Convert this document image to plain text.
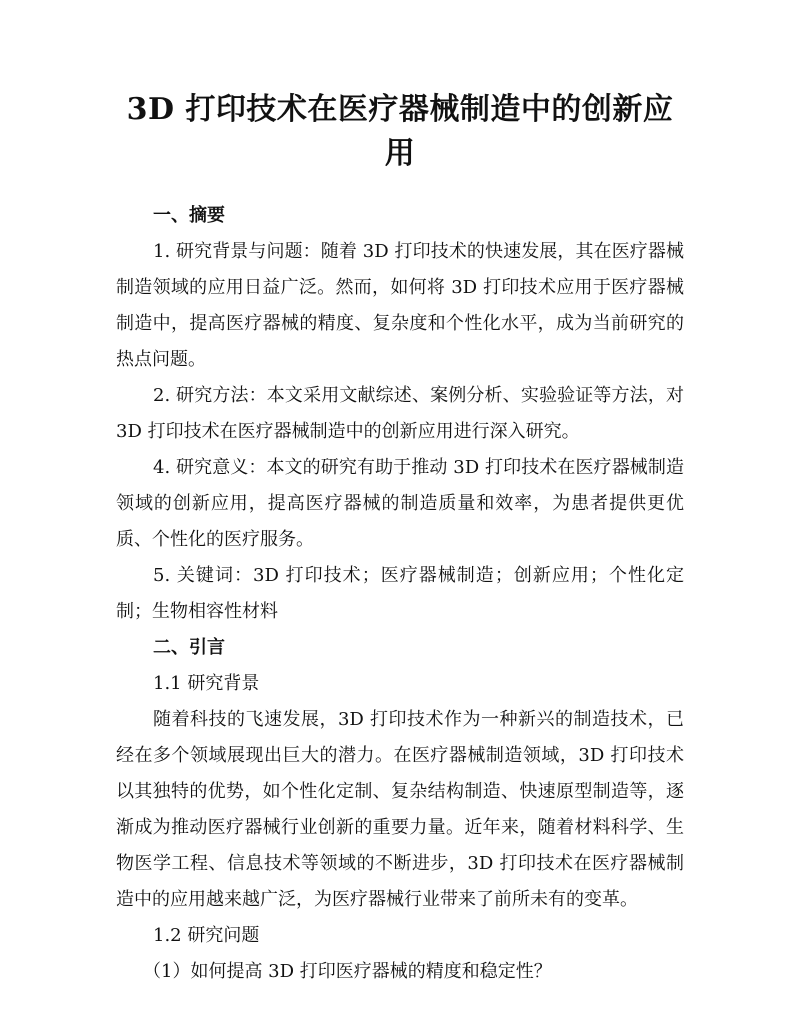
3D 打印技术在医疗器械制造中的创新应用

一、摘要

1. 研究背景与问题：随着 3D 打印技术的快速发展，其在医疗器械制造领域的应用日益广泛。然而，如何将 3D 打印技术应用于医疗器械制造中，提高医疗器械的精度、复杂度和个性化水平，成为当前研究的热点问题。

2. 研究方法：本文采用文献综述、案例分析、实验验证等方法，对 3D 打印技术在医疗器械制造中的创新应用进行深入研究。

4. 研究意义：本文的研究有助于推动 3D 打印技术在医疗器械制造领域的创新应用，提高医疗器械的制造质量和效率，为患者提供更优质、个性化的医疗服务。

5. 关键词：3D 打印技术；医疗器械制造；创新应用；个性化定制；生物相容性材料

二、引言

1.1 研究背景

随着科技的飞速发展，3D 打印技术作为一种新兴的制造技术，已经在多个领域展现出巨大的潜力。在医疗器械制造领域，3D 打印技术以其独特的优势，如个性化定制、复杂结构制造、快速原型制造等，逐渐成为推动医疗器械行业创新的重要力量。近年来，随着材料科学、生物医学工程、信息技术等领域的不断进步，3D 打印技术在医疗器械制造中的应用越来越广泛，为医疗器械行业带来了前所未有的变革。

1.2 研究问题

（1）如何提高 3D 打印医疗器械的精度和稳定性？
